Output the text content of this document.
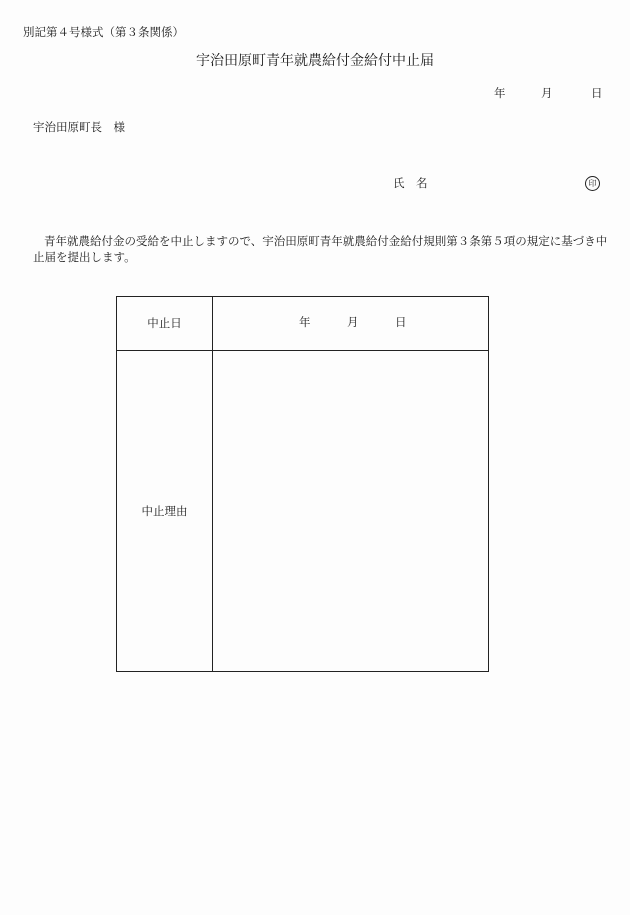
別記第４号様式（第３条関係）
宇治田原町青年就農給付金給付中止届
年	月	日
宇治田原町長　様
氏　名	印
青年就農給付金の受給を中止しますので、宇治田原町青年就農給付金給付規則第３条第５項の規定に基づき中止届を提出します。
中止日	年	月	日
中止理由
